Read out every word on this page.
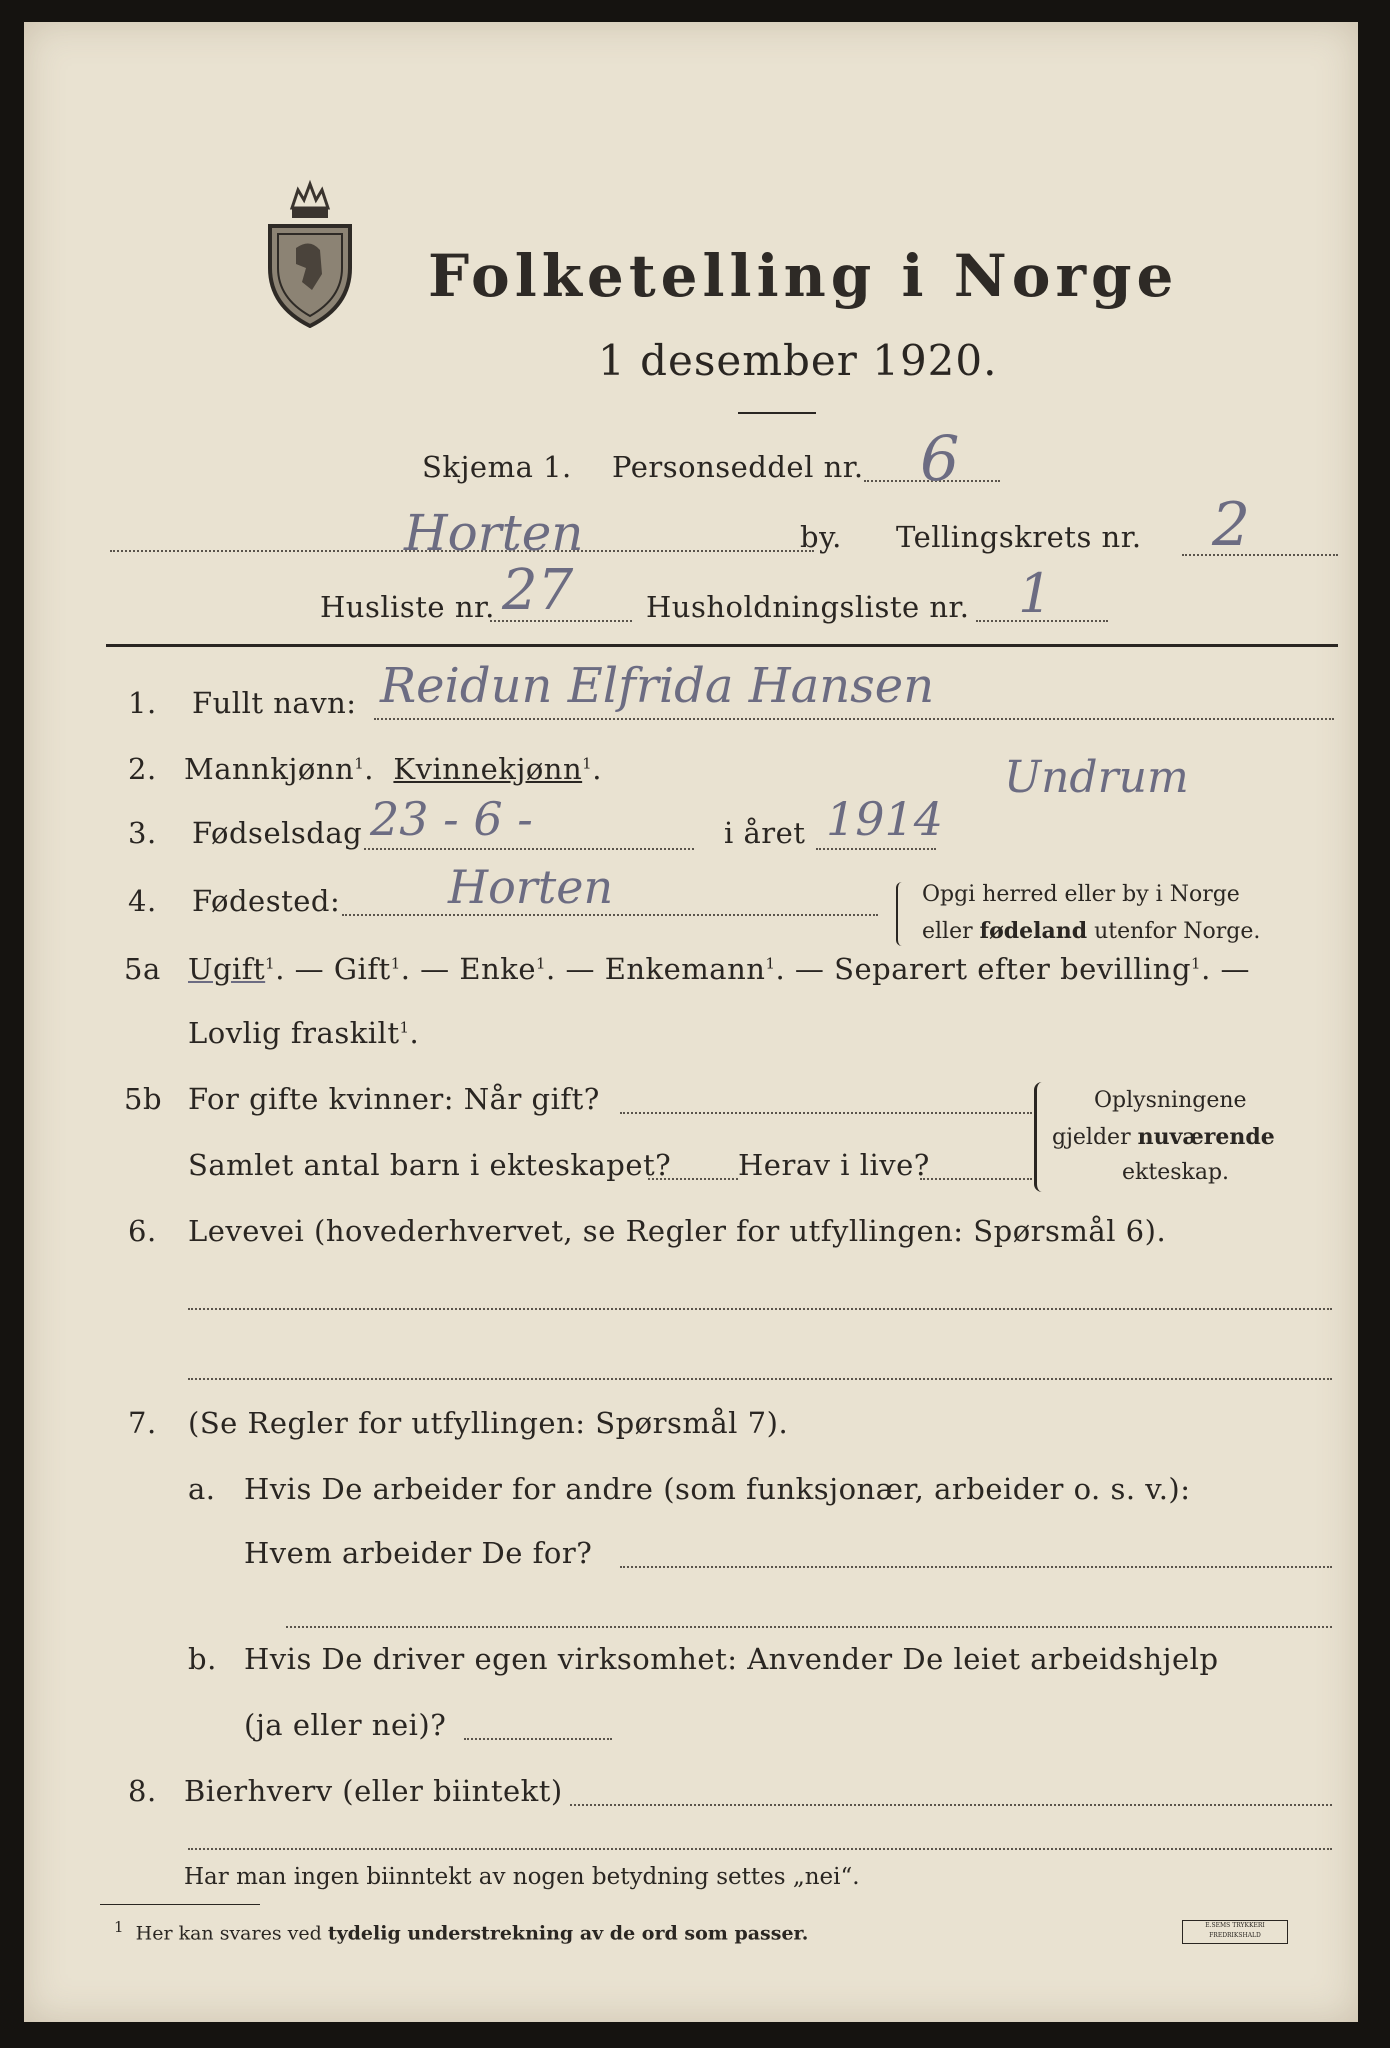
Folketelling i Norge
1 desember 1920.
Skjema 1. Personseddel nr. 6
Horten	by. Tellingskrets nr. 2
Husliste nr. 27	Husholdningsliste nr. 1
1. Fullt navn: Reidun Elfrida Hansen
2. Mannkjønn$^1$.  Kvinnekjønn$^1$.	Undrum
3. Fødselsdag 23 - 6 -	i året 1914
4. Fødested: Horten	Opgi herred eller by i Norge
eller fødeland utenfor Norge.
5a Ugift$^1$. — Gift$^1$. — Enke$^1$. — Enkemann$^1$. — Separert efter bevilling$^1$. —
Lovlig fraskilt$^1$.
5b For gifte kvinner: Når gift?
Samlet antal barn i ekteskapet? Herav i live?
Oplysningene
gjelder nuværende
ekteskap.
6. Levevei (hovederhvervet, se Regler for utfyllingen: Spørsmål 6).
7. (Se Regler for utfyllingen: Spørsmål 7).
a. Hvis De arbeider for andre (som funksjonær, arbeider o. s. v.):
Hvem arbeider De for?
b. Hvis De driver egen virksomhet: Anvender De leiet arbeidshjelp
(ja eller nei)?
8. Bierhverv (eller biintekt)
Har man ingen biinntekt av nogen betydning settes „nei“.
$^1$ Her kan svares ved tydelig understrekning av de ord som passer.	E.SEMS TRYKKERI
FREDRIKSHALD
